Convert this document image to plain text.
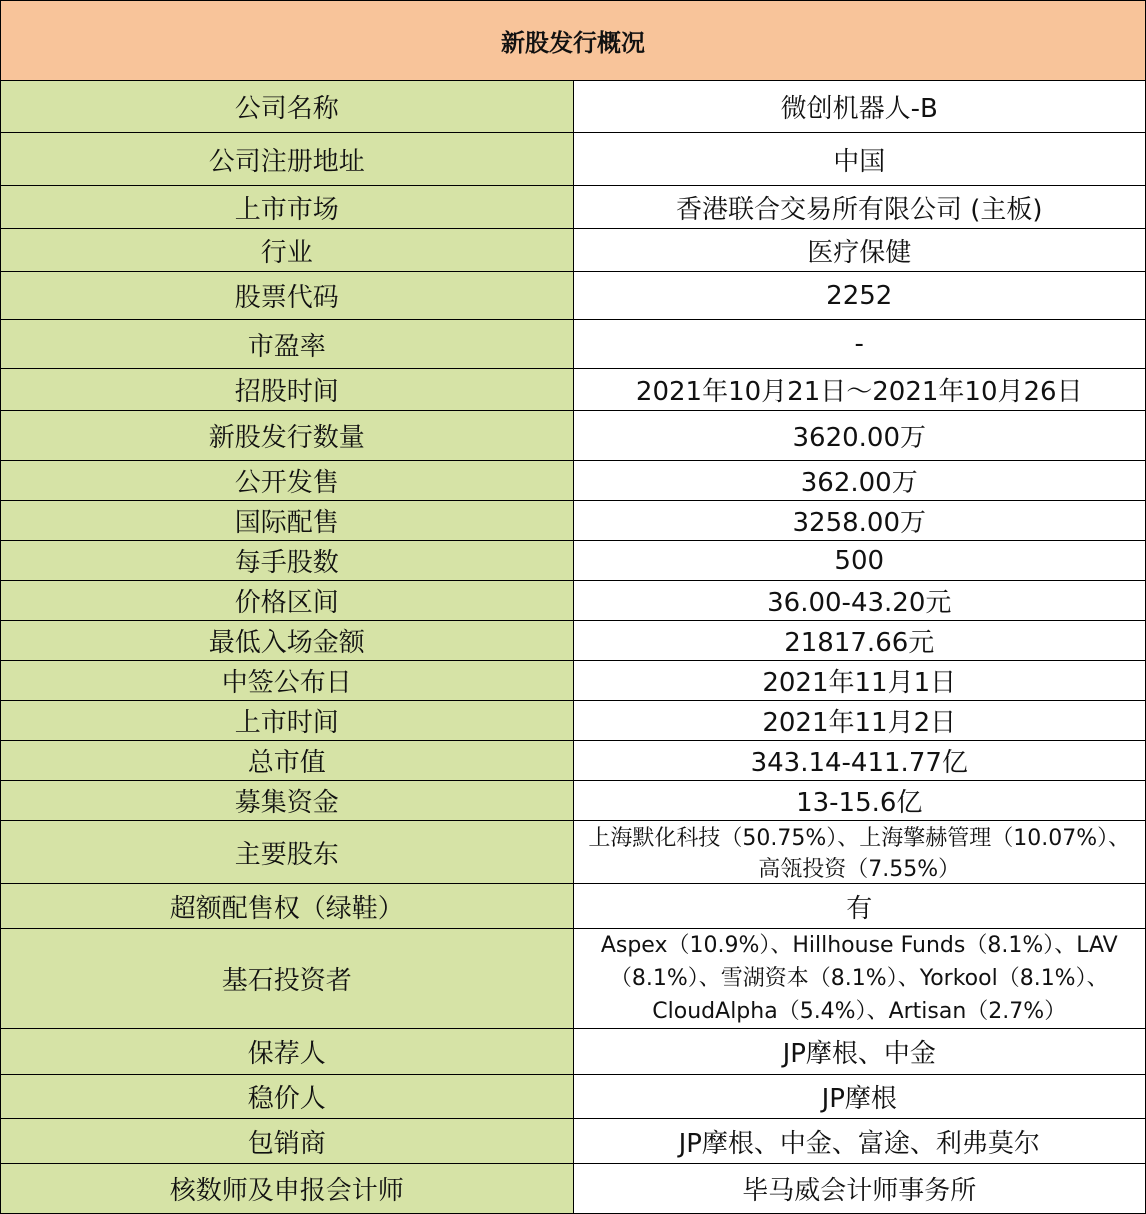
新股发行概况	
公司名称	微创机器人-B
公司注册地址	中国
上市市场	香港联合交易所有限公司 (主板)
行业	医疗保健
股票代码	2252
市盈率	-
招股时间	2021年10月21日～2021年10月26日
新股发行数量	3620.00万
公开发售	362.00万
国际配售	3258.00万
每手股数	500
价格区间	36.00-43.20元
最低入场金额	21817.66元
中签公布日	2021年11月1日
上市时间	2021年11月2日
总市值	343.14-411.77亿
募集资金	13-15.6亿
主要股东	上海默化科技（50.75%）、上海擎赫管理（10.07%）、高瓴投资（7.55%）
超额配售权（绿鞋）	有
基石投资者	Aspex（10.9%）、Hillhouse Funds（8.1%）、LAV（8.1%）、雪湖资本（8.1%）、Yorkool（8.1%）、CloudAlpha（5.4%）、Artisan（2.7%）
保荐人	JP摩根、中金
稳价人	JP摩根
包销商	JP摩根、中金、富途、利弗莫尔
核数师及申报会计师	毕马威会计师事务所
